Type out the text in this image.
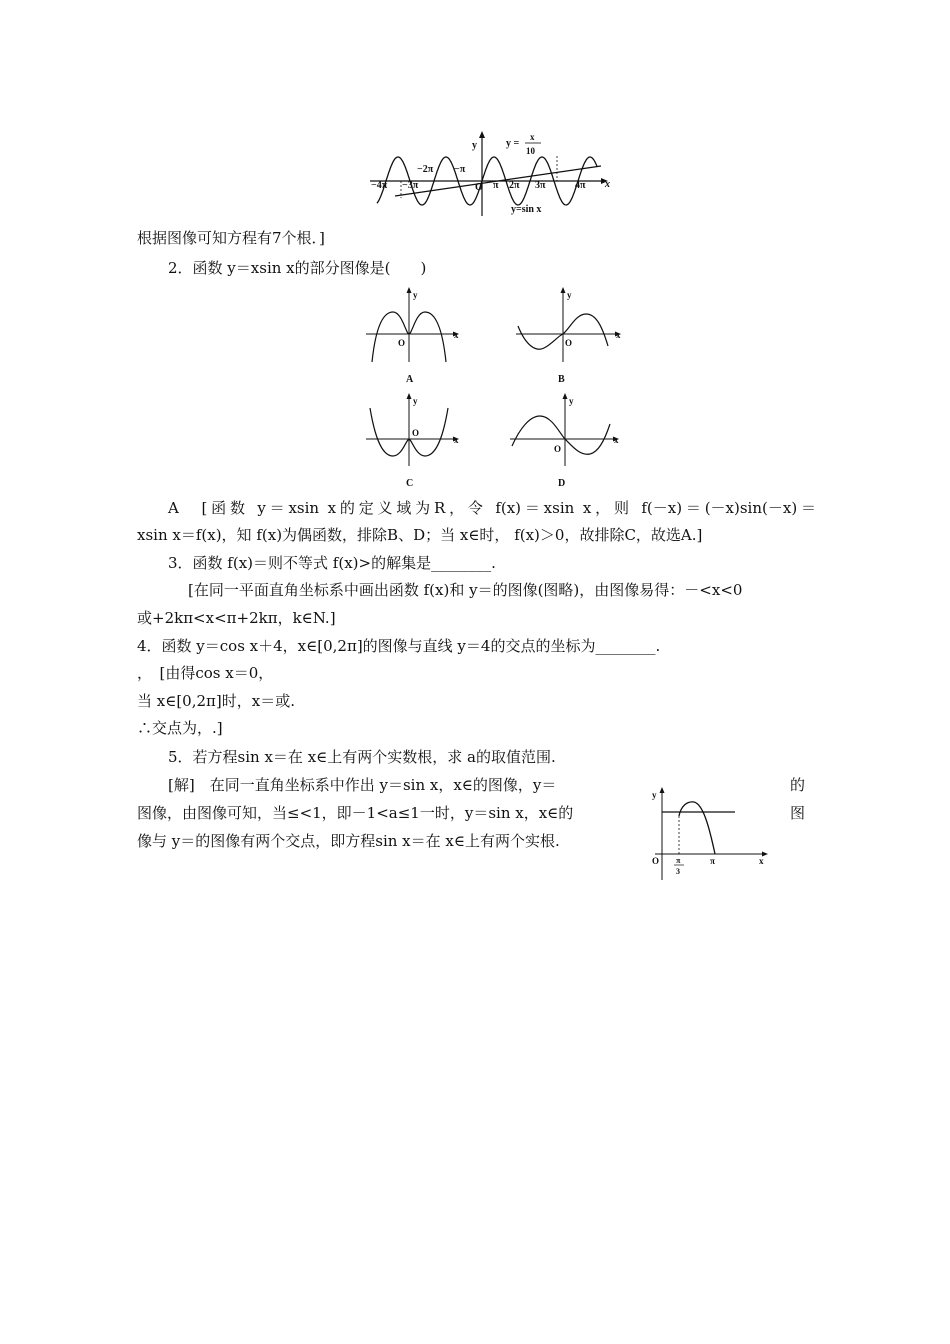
y
x
O
y =
x
10
y=sin x
−4π −3π
−2π −π
π 2π 3π	4π
根据图像可知方程有7个根．]
2．函数 y＝xsin x的部分图像是(　　)
y
x
O
A
y
x
O
B
y
x
O
C
y
x
O
D
A　[函数 y＝xsin x的定义域为R，令 f(x)＝xsin x，则 f(－x)＝(－x)sin(－x)＝
xsin x＝f(x)，知 f(x)为偶函数，排除B、D；当 x∈时， f(x)＞0，故排除C，故选A.]
3．函数 f(x)＝则不等式 f(x)>的解集是________.
[在同一平面直角坐标系中画出函数 f(x)和 y＝的图像(图略)，由图像易得：－<x<0
或+2kπ<x<π+2kπ，k∈N.]
4．函数 y＝cos x＋4，x∈[0,2π]的图像与直线 y＝4的交点的坐标为________.
，　[由得cos x＝0，
当 x∈[0,2π]时，x＝或.
∴交点为，.]
5．若方程sin x＝在 x∈上有两个实数根，求 a的取值范围.
[解]　在同一直角坐标系中作出 y＝sin x，x∈的图像，y＝	的
图像，由图像可知，当≤<1，即－1<a≤1一时，y＝sin x，x∈的	图
像与 y＝的图像有两个交点，即方程sin x＝在 x∈上有两个实根.
y
x
O	π
π
3
